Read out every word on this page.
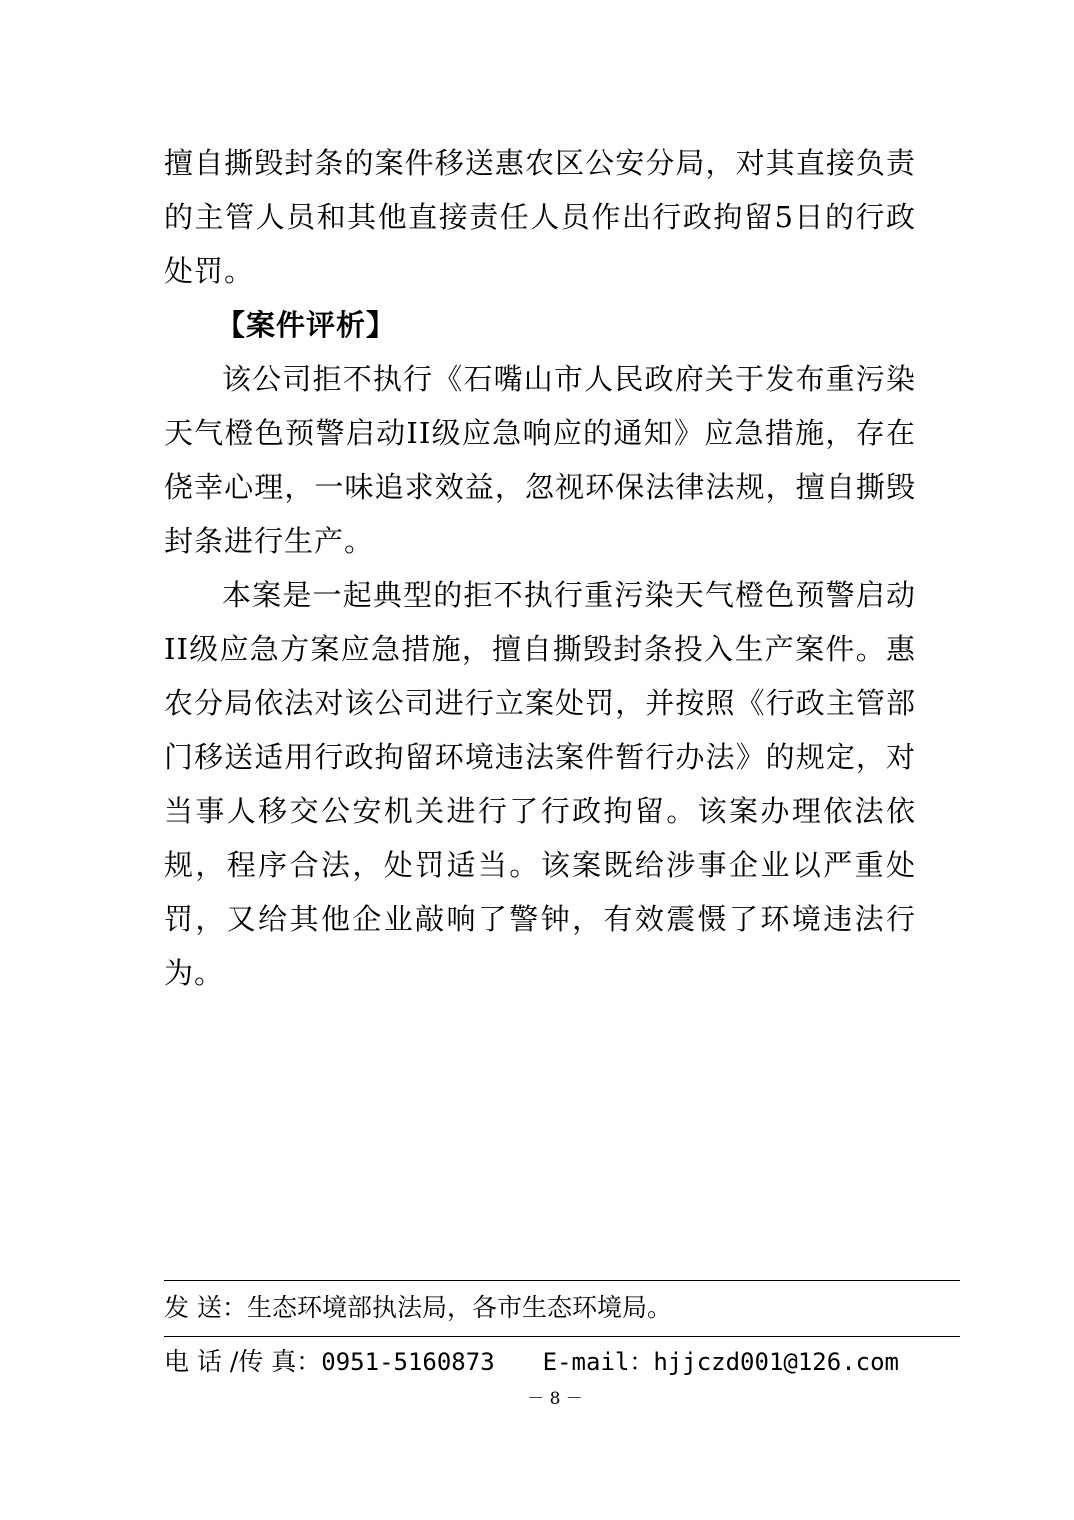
擅自撕毁封条的案件移送惠农区公安分局，对其直接负责的主管人员和其他直接责任人员作出行政拘留5日的行政处罚。

【案件评析】

该公司拒不执行《石嘴山市人民政府关于发布重污染天气橙色预警启动II级应急响应的通知》应急措施，存在侥幸心理，一味追求效益，忽视环保法律法规，擅自撕毁封条进行生产。

本案是一起典型的拒不执行重污染天气橙色预警启动II级应急方案应急措施，擅自撕毁封条投入生产案件。惠农分局依法对该公司进行立案处罚，并按照《行政主管部门移送适用行政拘留环境违法案件暂行办法》的规定，对当事人移交公安机关进行了行政拘留。该案办理依法依规，程序合法，处罚适当。该案既给涉事企业以严重处罚，又给其他企业敲响了警钟，有效震慑了环境违法行为。

发 送：生态环境部执法局，各市生态环境局。
电 话 /传 真：0951-5160873 E-mail：hjjczd001@126.com
－ 8 －
